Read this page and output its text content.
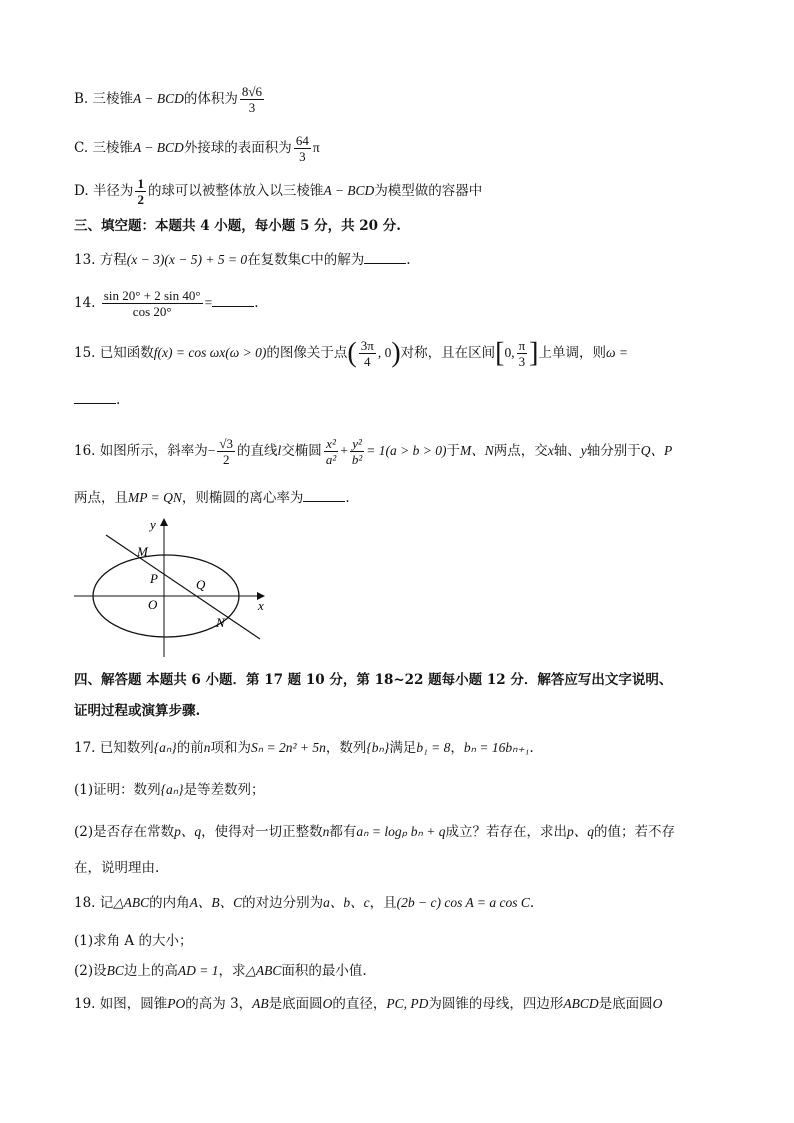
B. 三棱锥A − BCD的体积为 $\frac{8√6}{3}$
C. 三棱锥A − BCD外接球的表面积为 $\frac{64}{3}$ π
D. 半径为 $\frac{1}{2}$ 的球可以被整体放入以三棱锥A − BCD为模型做的容器中
三、填空题：本题共 4 小题，每小题 5 分，共 20 分.
13. 方程(x − 3)(x − 5) + 5 = 0在复数集C中的解为	.
14. $\frac{\sin 20^\circ + 2 \sin 40^\circ}{\cos 20^\circ}$ =	.
15. 已知函数f(x) = cos ωx(ω > 0)的图像关于点( $\frac{3\pi}{4}$ , 0)对称，且在区间[0, $\frac{\pi}{3}$ ]上单调，则ω =
.
16. 如图所示，斜率为− $\frac{√3}{2}$ 的直线l交椭圆 $\frac{\text{x²}}{\text{a²}} + \frac{\text{y²}}{\text{b²}} = 1(a > b > 0)$于M、N两点，交x轴、y轴分别于Q、P
两点，且MP = QN，则椭圆的离心率为	.
y
x
M
P	Q
O
N
四、解答题 本题共 6 小题．第 17 题 10 分，第 18~22 题每小题 12 分．解答应写出文字说明、
证明过程或演算步骤.
17. 已知数列{aₙ}的前n项和为Sₙ = 2n² + 5n，数列{bₙ}满足b₁ = 8，bₙ = 16bₙ₊₁.
(1)证明：数列{aₙ}是等差数列；
(2)是否存在常数p、q，使得对一切正整数n都有aₙ = logₚ bₙ + q成立？若存在，求出p、q的值；若不存
在，说明理由.
18. 记△ABC的内角A、B、C的对边分别为a、b、c，且(2b − c) cos A = a cos C.
(1)求角 A 的大小；
(2)设BC边上的高AD = 1，求△ABC面积的最小值.
19. 如图，圆锥PO的高为 3，AB是底面圆O的直径，PC, PD为圆锥的母线，四边形ABCD是底面圆O
